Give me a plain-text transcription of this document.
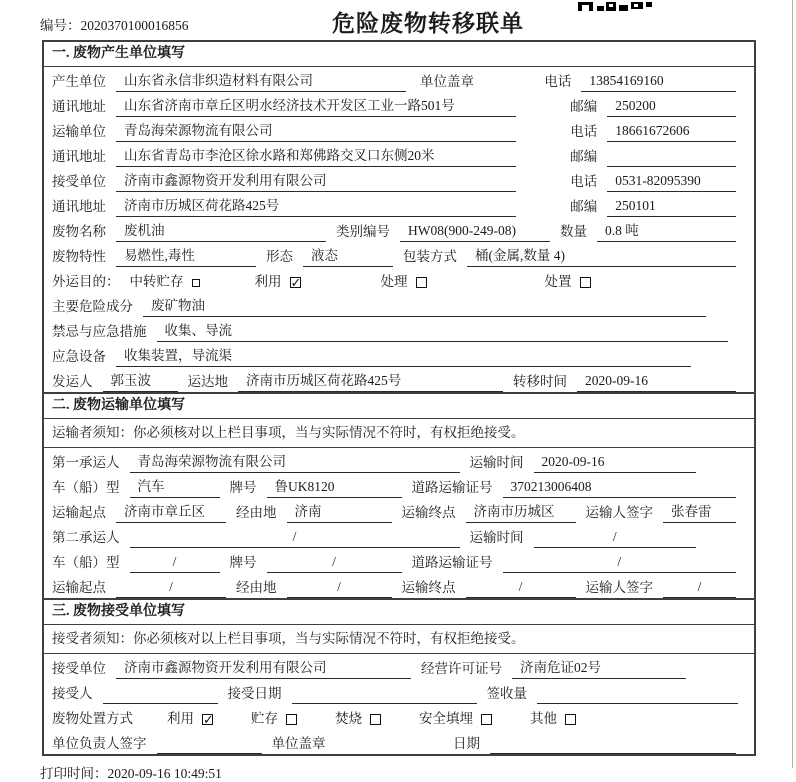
编号：2020370100016856	危险废物转移联单
一. 废物产生单位填写
产生单位	山东省永信非织造材料有限公司	单位盖章	电话	13854169160
通讯地址	山东省济南市章丘区明水经济技术开发区工业一路501号	邮编	250200
运输单位	青岛海荣源物流有限公司	电话	18661672606
通讯地址	山东省青岛市李沧区徐水路和郑佛路交叉口东侧20米	邮编
接受单位	济南市鑫源物资开发利用有限公司	电话	0531-82095390
通讯地址	济南市历城区荷花路425号	邮编	250101
废物名称	废机油	类别编号	HW08(900-249-08)	数量	0.8 吨
废物特性	易燃性,毒性	形态	液态	包装方式	桶(金属,数量 4)
外运目的： 中转贮存	利用 ✓	处理	处置
主要危险成分	废矿物油
禁忌与应急措施	收集、导流
应急设备	收集装置，导流渠
发运人	郭玉波	运达地	济南市历城区荷花路425号	转移时间	2020-09-16
二. 废物运输单位填写
运输者须知：你必须核对以上栏目事项，当与实际情况不符时，有权拒绝接受。
第一承运人	青岛海荣源物流有限公司	运输时间	2020-09-16
车（船）型	汽车	牌号	鲁UK8120	道路运输证号	370213006408
运输起点	济南市章丘区	经由地	济南	运输终点	济南市历城区	运输人签字	张春雷
第二承运人	/	运输时间	/
车（船）型	/	牌号	/	道路运输证号	/
运输起点	/	经由地	/	运输终点	/	运输人签字	/
三. 废物接受单位填写
接受者须知：你必须核对以上栏目事项，当与实际情况不符时，有权拒绝接受。
接受单位	济南市鑫源物资开发利用有限公司	经营许可证号	济南危证02号
接受人	接受日期	签收量
废物处置方式	利用 ✓	贮存	焚烧	安全填埋	其他
单位负责人签字	单位盖章	日期
打印时间：2020-09-16 10:49:51
